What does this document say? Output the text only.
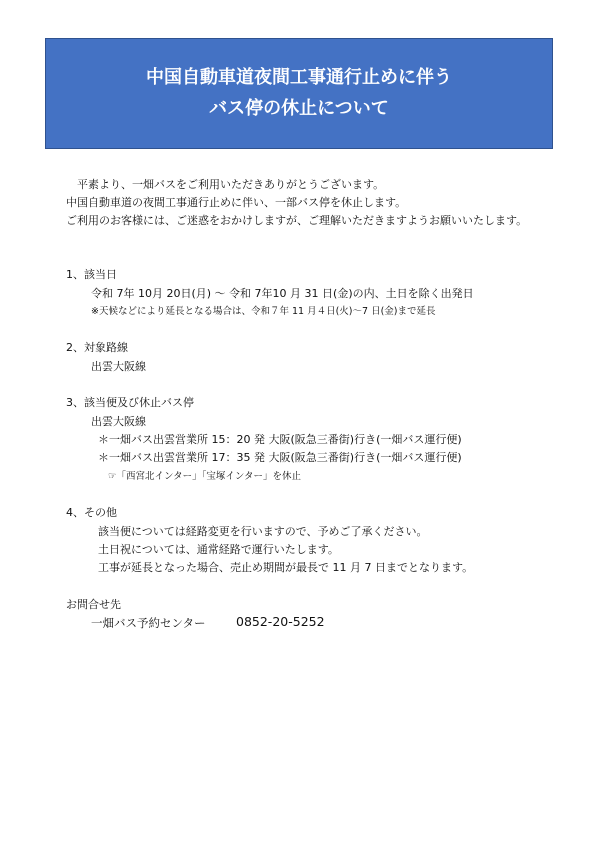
中国自動車道夜間工事通行止めに伴う
バス停の休止について
平素より、一畑バスをご利用いただきありがとうございます。
中国自動車道の夜間工事通行止めに伴い、一部バス停を休止します。
ご利用のお客様には、ご迷惑をおかけしますが、ご理解いただきますようお願いいたします。
1、該当日
令和 7年 10月 20日(月) ～ 令和 7年10 月 31 日(金)の内、土日を除く出発日
※天候などにより延長となる場合は、令和７年 11 月４日(火)～7 日(金)まで延長
2、対象路線
出雲大阪線
3、該当便及び休止バス停
出雲大阪線
＊一畑バス出雲営業所 15：20 発 大阪(阪急三番街)行き(一畑バス運行便)
＊一畑バス出雲営業所 17：35 発 大阪(阪急三番街)行き(一畑バス運行便)
☞「西宮北インター」「宝塚インター」を休止
4、その他
該当便については経路変更を行いますので、予めご了承ください。
土日祝については、通常経路で運行いたします。
工事が延長となった場合、売止め期間が最長で 11 月 7 日までとなります。
お問合せ先
一畑バス予約センター 0852-20-5252
